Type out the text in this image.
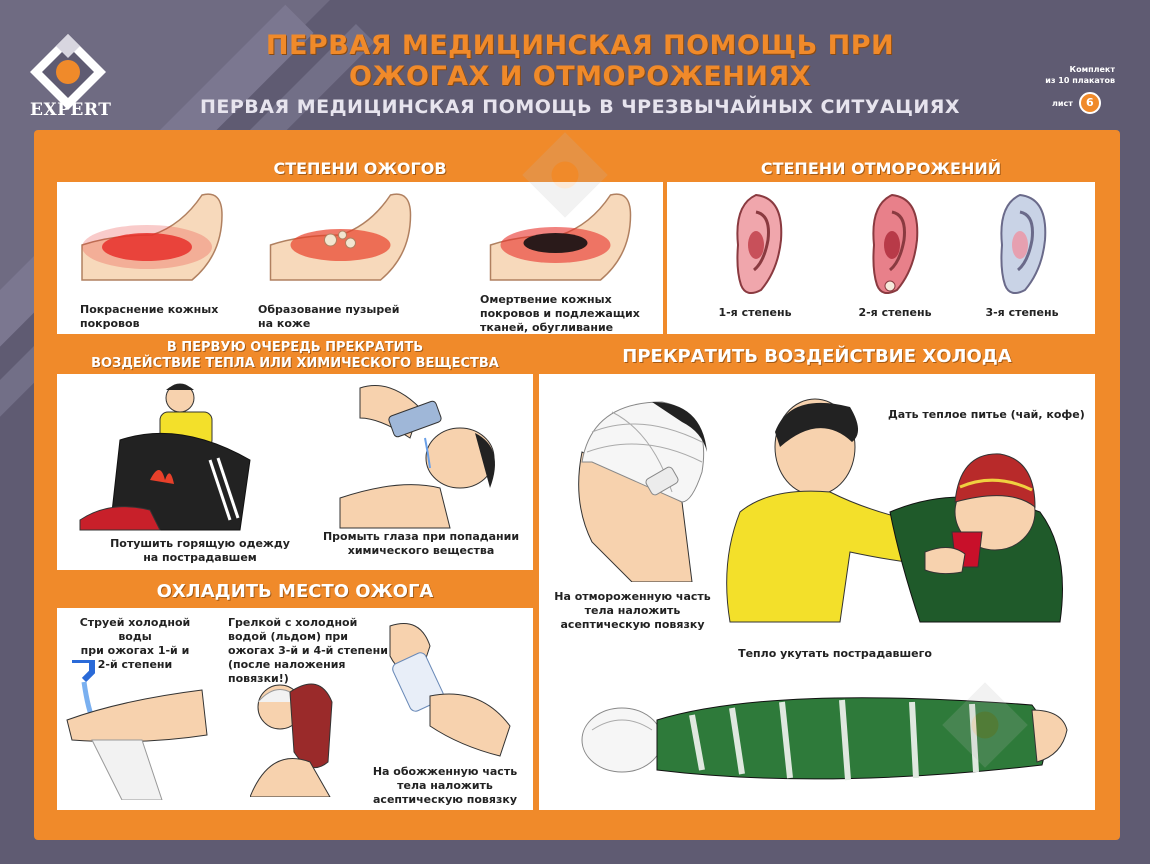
EXPERT
ПЕРВАЯ МЕДИЦИНСКАЯ ПОМОЩЬ ПРИ
ОЖОГАХ И ОТМОРОЖЕНИЯХ
ПЕРВАЯ МЕДИЦИНСКАЯ ПОМОЩЬ В ЧРЕЗВЫЧАЙНЫХ СИТУАЦИЯХ
Комплект
из 10 плакатов
лист	6
СТЕПЕНИ ОЖОГОВ
Покраснение кожных
покровов
Образование пузырей
на коже
Омертвение кожных
покровов и подлежащих
тканей, обугливание
СТЕПЕНИ ОТМОРОЖЕНИЙ
1-я степень	2-я степень	3-я степень
В ПЕРВУЮ ОЧЕРЕДЬ ПРЕКРАТИТЬ
ВОЗДЕЙСТВИЕ ТЕПЛА ИЛИ ХИМИЧЕСКОГО ВЕЩЕСТВА
Потушить горящую одежду
на пострадавшем
Промыть глаза при попадании
химического вещества
ОХЛАДИТЬ МЕСТО ОЖОГА
Струей холодной воды
при ожогах 1-й и
2-й степени
Грелкой с холодной
водой (льдом) при
ожогах 3-й и 4-й степени
(после наложения
повязки!)
На обожженную часть
тела наложить
асептическую повязку
ПРЕКРАТИТЬ ВОЗДЕЙСТВИЕ ХОЛОДА
На отмороженную часть
тела наложить
асептическую повязку
Дать теплое питье (чай, кофе)
Тепло укутать пострадавшего
